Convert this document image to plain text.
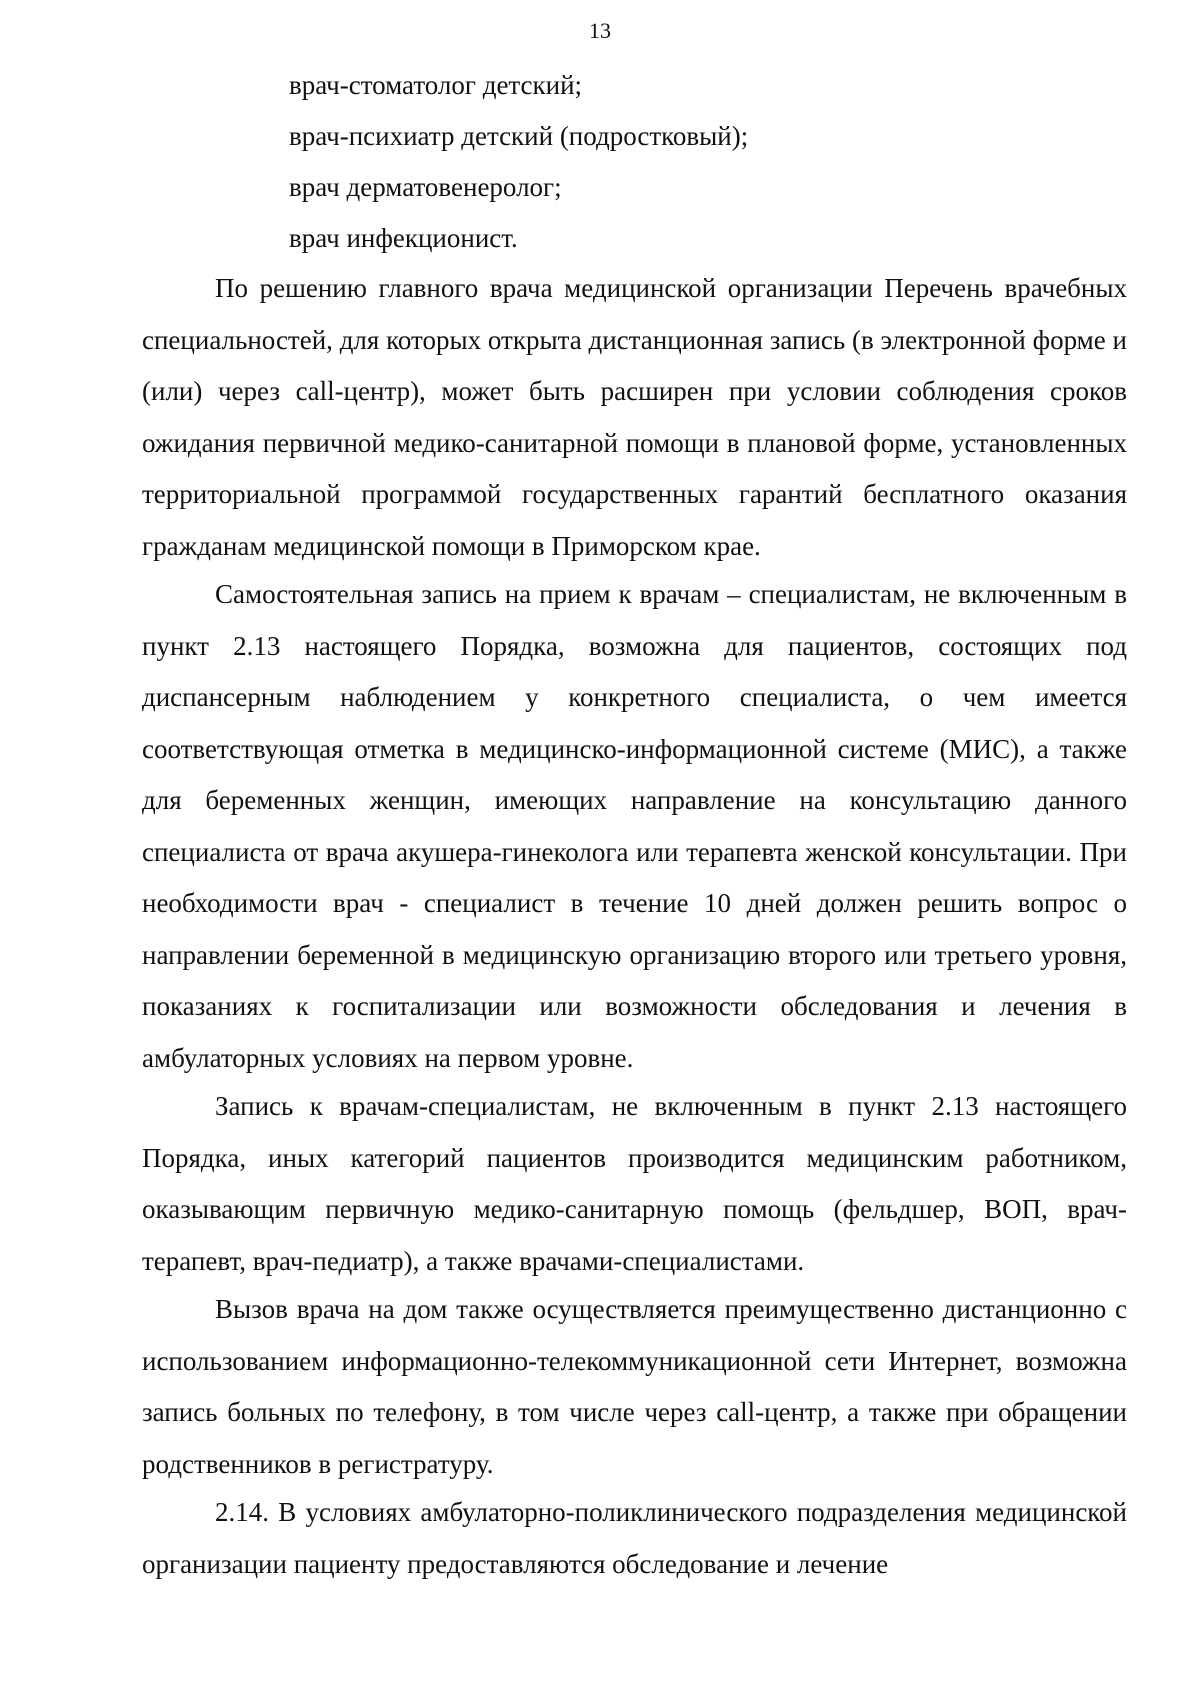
13
врач-стоматолог детский;
врач-психиатр детский (подростковый);
врач дерматовенеролог;
врач инфекционист.

По решению главного врача медицинской организации Перечень врачебных специальностей, для которых открыта дистанционная запись (в электронной форме и (или) через call-центр), может быть расширен при условии соблюдения сроков ожидания первичной медико-санитарной помощи в плановой форме, установленных территориальной программой государственных гарантий бесплатного оказания гражданам медицинской помощи в Приморском крае.

Самостоятельная запись на прием к врачам – специалистам, не включенным в пункт 2.13 настоящего Порядка, возможна для пациентов, состоящих под диспансерным наблюдением у конкретного специалиста, о чем имеется соответствующая отметка в медицинско-информационной системе (МИС), а также для беременных женщин, имеющих направление на консультацию данного специалиста от врача акушера-гинеколога или терапевта женской консультации. При необходимости врач - специалист в течение 10 дней должен решить вопрос о направлении беременной в медицинскую организацию второго или третьего уровня, показаниях к госпитализации или возможности обследования и лечения в амбулаторных условиях на первом уровне.

Запись к врачам-специалистам, не включенным в пункт 2.13 настоящего Порядка, иных категорий пациентов производится медицинским работником, оказывающим первичную медико-санитарную помощь (фельдшер, ВОП, врач-терапевт, врач-педиатр), а также врачами-специалистами.

Вызов врача на дом также осуществляется преимущественно дистанционно с использованием информационно-телекоммуникационной сети Интернет, возможна запись больных по телефону, в том числе через call-центр, а также при обращении родственников в регистратуру.

2.14. В условиях амбулаторно-поликлинического подразделения медицинской организации пациенту предоставляются обследование и лечение
